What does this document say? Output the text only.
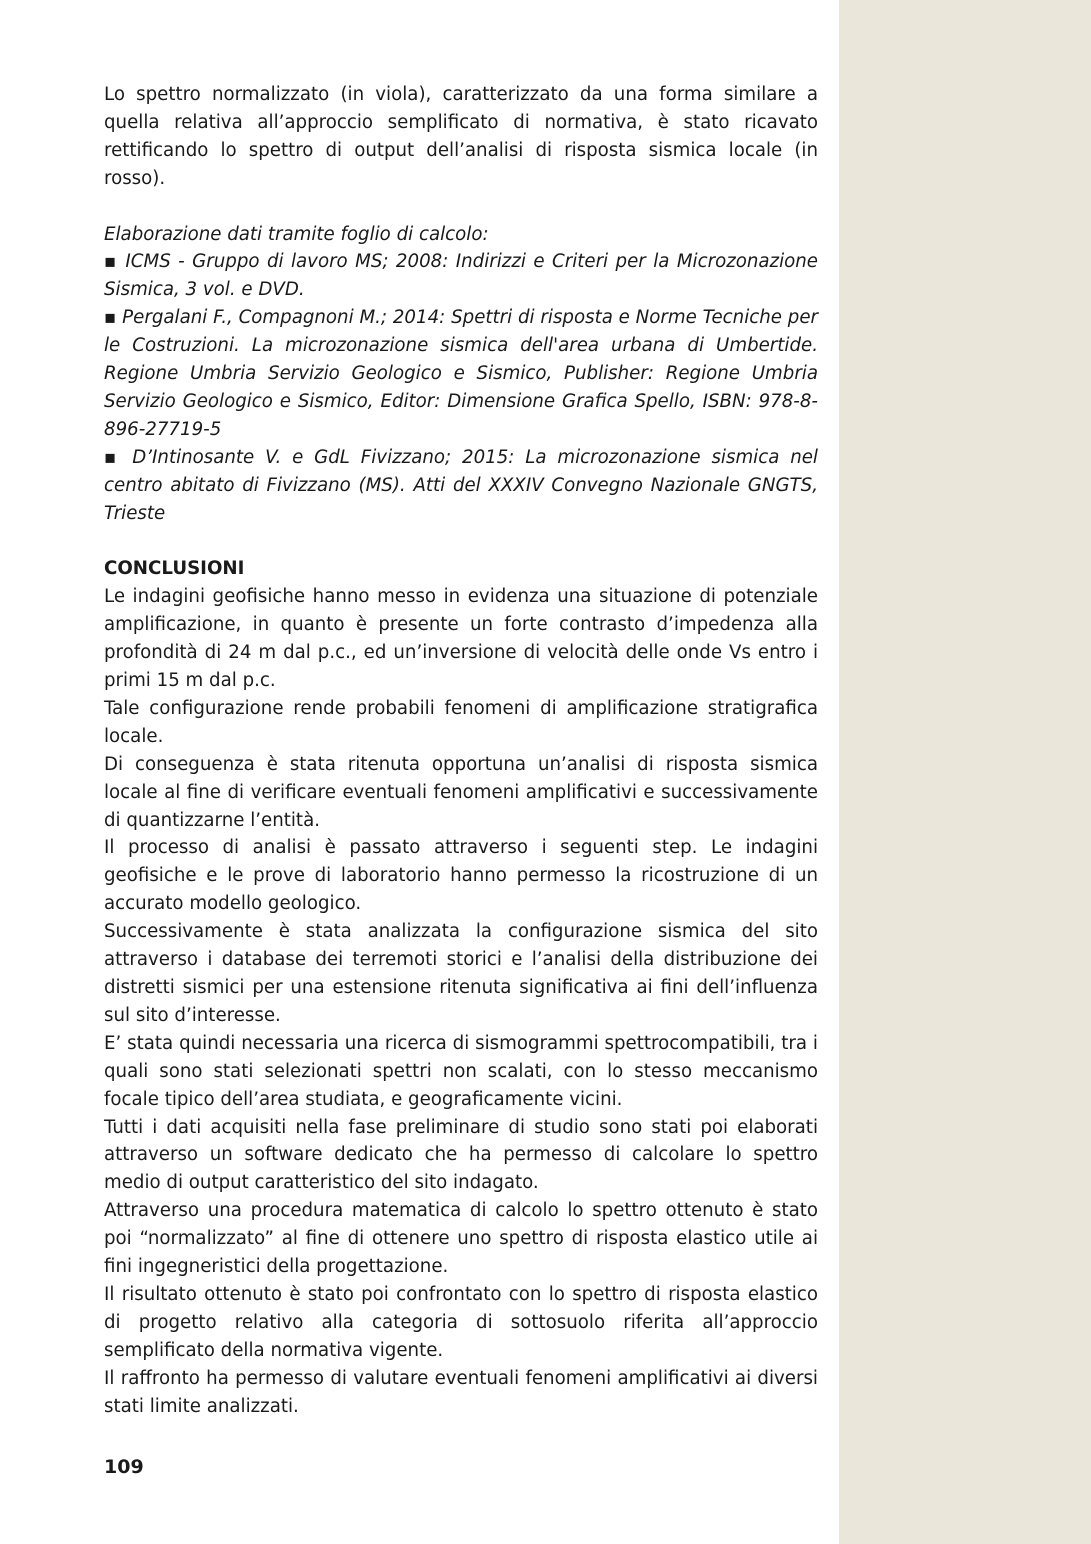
Lo spettro normalizzato (in viola), caratterizzato da una forma similare a quella relativa all’approccio semplificato di normativa, è stato ricavato rettificando lo spettro di output dell’analisi di risposta sismica locale (in rosso).

Elaborazione dati tramite foglio di calcolo:

▪ ICMS - Gruppo di lavoro MS; 2008: Indirizzi e Criteri per la Microzonazione Sismica, 3 vol. e DVD.

▪ Pergalani F., Compagnoni M.; 2014: Spettri di risposta e Norme Tecniche per le Costruzioni. La microzonazione sismica dell'area urbana di Umbertide. Regione Umbria Servizio Geologico e Sismico, Publisher: Regione Umbria Servizio Geologico e Sismico, Editor: Dimensione Grafica Spello, ISBN: 978-8-896-27719-5

▪ D’Intinosante V. e GdL Fivizzano; 2015: La microzonazione sismica nel centro abitato di Fivizzano (MS). Atti del XXXIV Convegno Nazionale GNGTS, Trieste

CONCLUSIONI

Le indagini geofisiche hanno messo in evidenza una situazione di potenziale amplificazione, in quanto è presente un forte contrasto d’impedenza alla profondità di 24 m dal p.c., ed un’inversione di velocità delle onde Vs entro i primi 15 m dal p.c.

Tale configurazione rende probabili fenomeni di amplificazione stratigrafica locale.

Di conseguenza è stata ritenuta opportuna un’analisi di risposta sismica locale al fine di verificare eventuali fenomeni amplificativi e successivamente di quantizzarne l’entità.

Il processo di analisi è passato attraverso i seguenti step. Le indagini geofisiche e le prove di laboratorio hanno permesso la ricostruzione di un accurato modello geologico.

Successivamente è stata analizzata la configurazione sismica del sito attraverso i database dei terremoti storici e l’analisi della distribuzione dei distretti sismici per una estensione ritenuta significativa ai fini dell’influenza sul sito d’interesse.

E’ stata quindi necessaria una ricerca di sismogrammi spettrocompatibili, tra i quali sono stati selezionati spettri non scalati, con lo stesso meccanismo focale tipico dell’area studiata, e geograficamente vicini.

Tutti i dati acquisiti nella fase preliminare di studio sono stati poi elaborati attraverso un software dedicato che ha permesso di calcolare lo spettro medio di output caratteristico del sito indagato.

Attraverso una procedura matematica di calcolo lo spettro ottenuto è stato poi “normalizzato” al fine di ottenere uno spettro di risposta elastico utile ai fini ingegneristici della progettazione.

Il risultato ottenuto è stato poi confrontato con lo spettro di risposta elastico di progetto relativo alla categoria di sottosuolo riferita all’approccio semplificato della normativa vigente.

Il raffronto ha permesso di valutare eventuali fenomeni amplificativi ai diversi stati limite analizzati.

109
